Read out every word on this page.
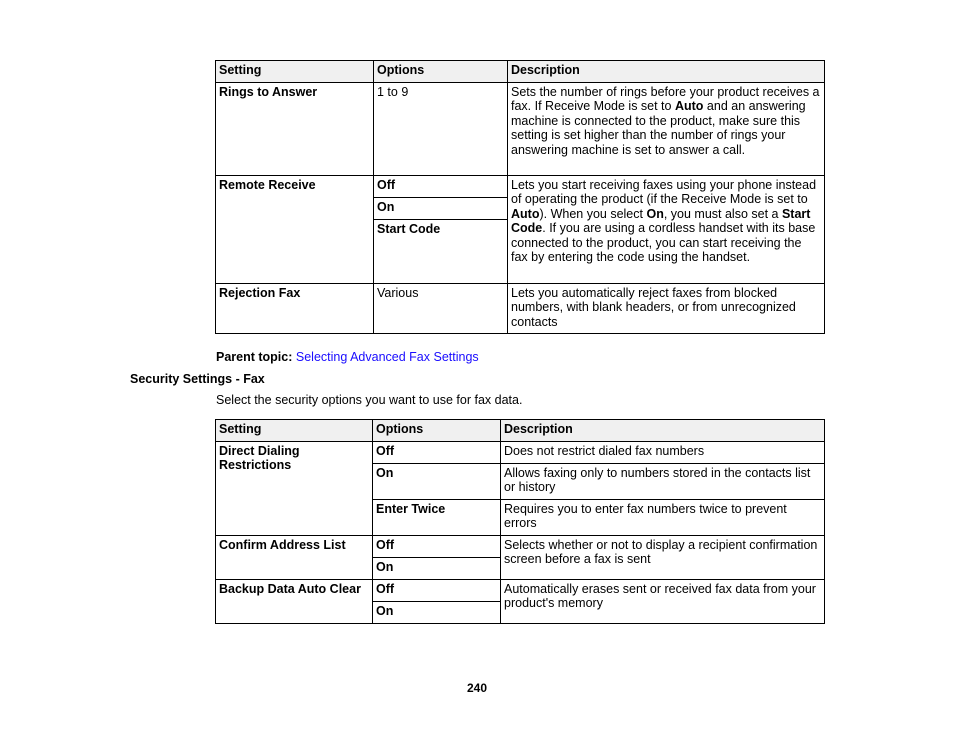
Setting	Options	Description
Rings to Answer	1 to 9	Sets the number of rings before your product receives a fax. If Receive Mode is set to Auto and an answering machine is connected to the product, make sure this setting is set higher than the number of rings your answering machine is set to answer a call.
Remote Receive	Off	Lets you start receiving faxes using your phone instead of operating the product (if the Receive Mode is set to Auto). When you select On, you must also set a Start Code. If you are using a cordless handset with its base connected to the product, you can start receiving the fax by entering the code using the handset.
	On	
	Start Code	
Rejection Fax	Various	Lets you automatically reject faxes from blocked numbers, with blank headers, or from unrecognized contacts
Parent topic: Selecting Advanced Fax Settings
Security Settings - Fax
Select the security options you want to use for fax data.
Setting	Options	Description
Direct Dialing Restrictions	Off	Does not restrict dialed fax numbers
	On	Allows faxing only to numbers stored in the contacts list or history
	Enter Twice	Requires you to enter fax numbers twice to prevent errors
Confirm Address List	Off	Selects whether or not to display a recipient confirmation screen before a fax is sent
	On	
Backup Data Auto Clear	Off	Automatically erases sent or received fax data from your product's memory
	On	
240
